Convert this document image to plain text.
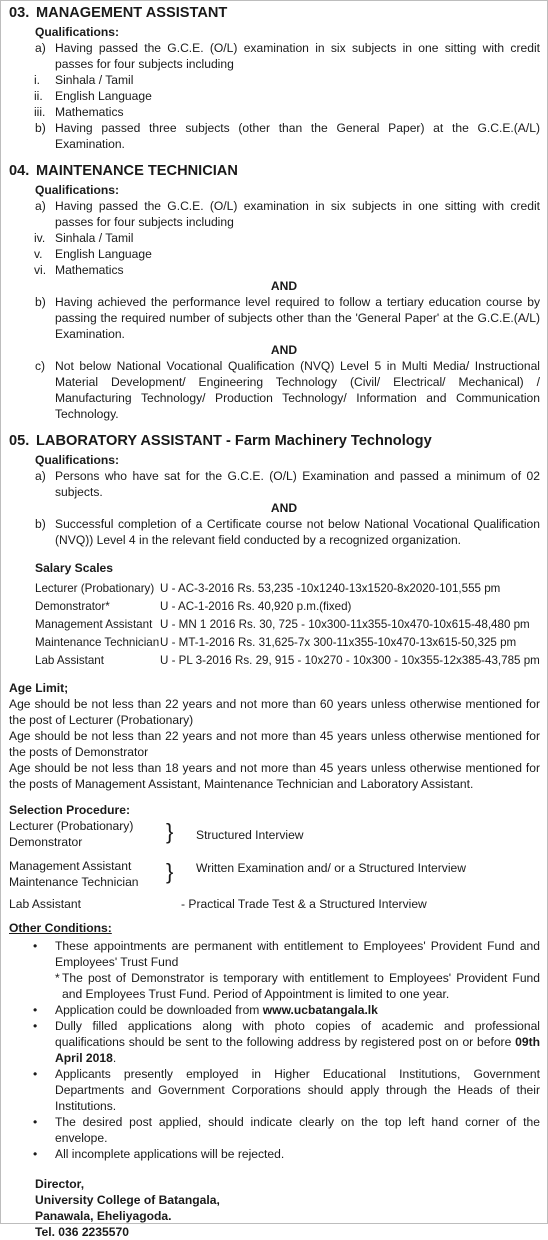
03. MANAGEMENT ASSISTANT
Qualifications:
a) Having passed the G.C.E. (O/L) examination in six subjects in one sitting with credit passes for four subjects including
i. Sinhala / Tamil
ii. English Language
iii. Mathematics
b) Having passed three subjects (other than the General Paper) at the G.C.E.(A/L) Examination.
04. MAINTENANCE TECHNICIAN
Qualifications:
a) Having passed the G.C.E. (O/L) examination in six subjects in one sitting with credit passes for four subjects including
iv. Sinhala / Tamil
v. English Language
vi. Mathematics
AND
b) Having achieved the performance level required to follow a tertiary education course by passing the required number of subjects other than the 'General Paper' at the G.C.E.(A/L) Examination.
AND
c) Not below National Vocational Qualification (NVQ) Level 5 in Multi Media/ Instructional Material Development/ Engineering Technology (Civil/ Electrical/ Mechanical) / Manufacturing Technology/ Production Technology/ Information and Communication Technology.
05. LABORATORY ASSISTANT - Farm Machinery Technology
Qualifications:
a) Persons who have sat for the G.C.E. (O/L) Examination and passed a minimum of 02 subjects.
AND
b) Successful completion of a Certificate course not below National Vocational Qualification (NVQ)) Level 4 in the relevant field conducted by a recognized organization.
Salary Scales
Lecturer (Probationary) U - AC-3-2016 Rs. 53,235 -10x1240-13x1520-8x2020-101,555 pm
Demonstrator*	U - AC-1-2016 Rs. 40,920 p.m.(fixed)
Management Assistant U - MN 1 2016 Rs. 30, 725 - 10x300-11x355-10x470-10x615-48,480 pm
Maintenance Technician U - MT-1-2016 Rs. 31,625-7x 300-11x355-10x470-13x615-50,325 pm
Lab Assistant	U - PL 3-2016 Rs. 29, 915 - 10x270 - 10x300 - 10x355-12x385-43,785 pm
Age Limit;
Age should be not less than 22 years and not more than 60 years unless otherwise mentioned for the post of Lecturer (Probationary)
Age should be not less than 22 years and not more than 45 years unless otherwise mentioned for the posts of Demonstrator
Age should be not less than 18 years and not more than 45 years unless otherwise mentioned for the posts of Management Assistant, Maintenance Technician and Laboratory Assistant.
Selection Procedure:
Lecturer (Probationary)
Demonstrator	} Structured Interview
Management Assistant
Maintenance Technician } Written Examination and/ or a Structured Interview
Lab Assistant	- Practical Trade Test & a Structured Interview
Other Conditions:
• These appointments are permanent with entitlement to Employees' Provident Fund and Employees' Trust Fund
* The post of Demonstrator is temporary with entitlement to Employees' Provident Fund and Employees Trust Fund. Period of Appointment is limited to one year.
• Application could be downloaded from www.ucbatangala.lk
• Dully filled applications along with photo copies of academic and professional qualifications should be sent to the following address by registered post on or before 09th April 2018.
• Applicants presently employed in Higher Educational Institutions, Government Departments and Government Corporations should apply through the Heads of their Institutions.
• The desired post applied, should indicate clearly on the top left hand corner of the envelope.
• All incomplete applications will be rejected.
Director,
University College of Batangala,
Panawala, Eheliyagoda.
Tel. 036 2235570
